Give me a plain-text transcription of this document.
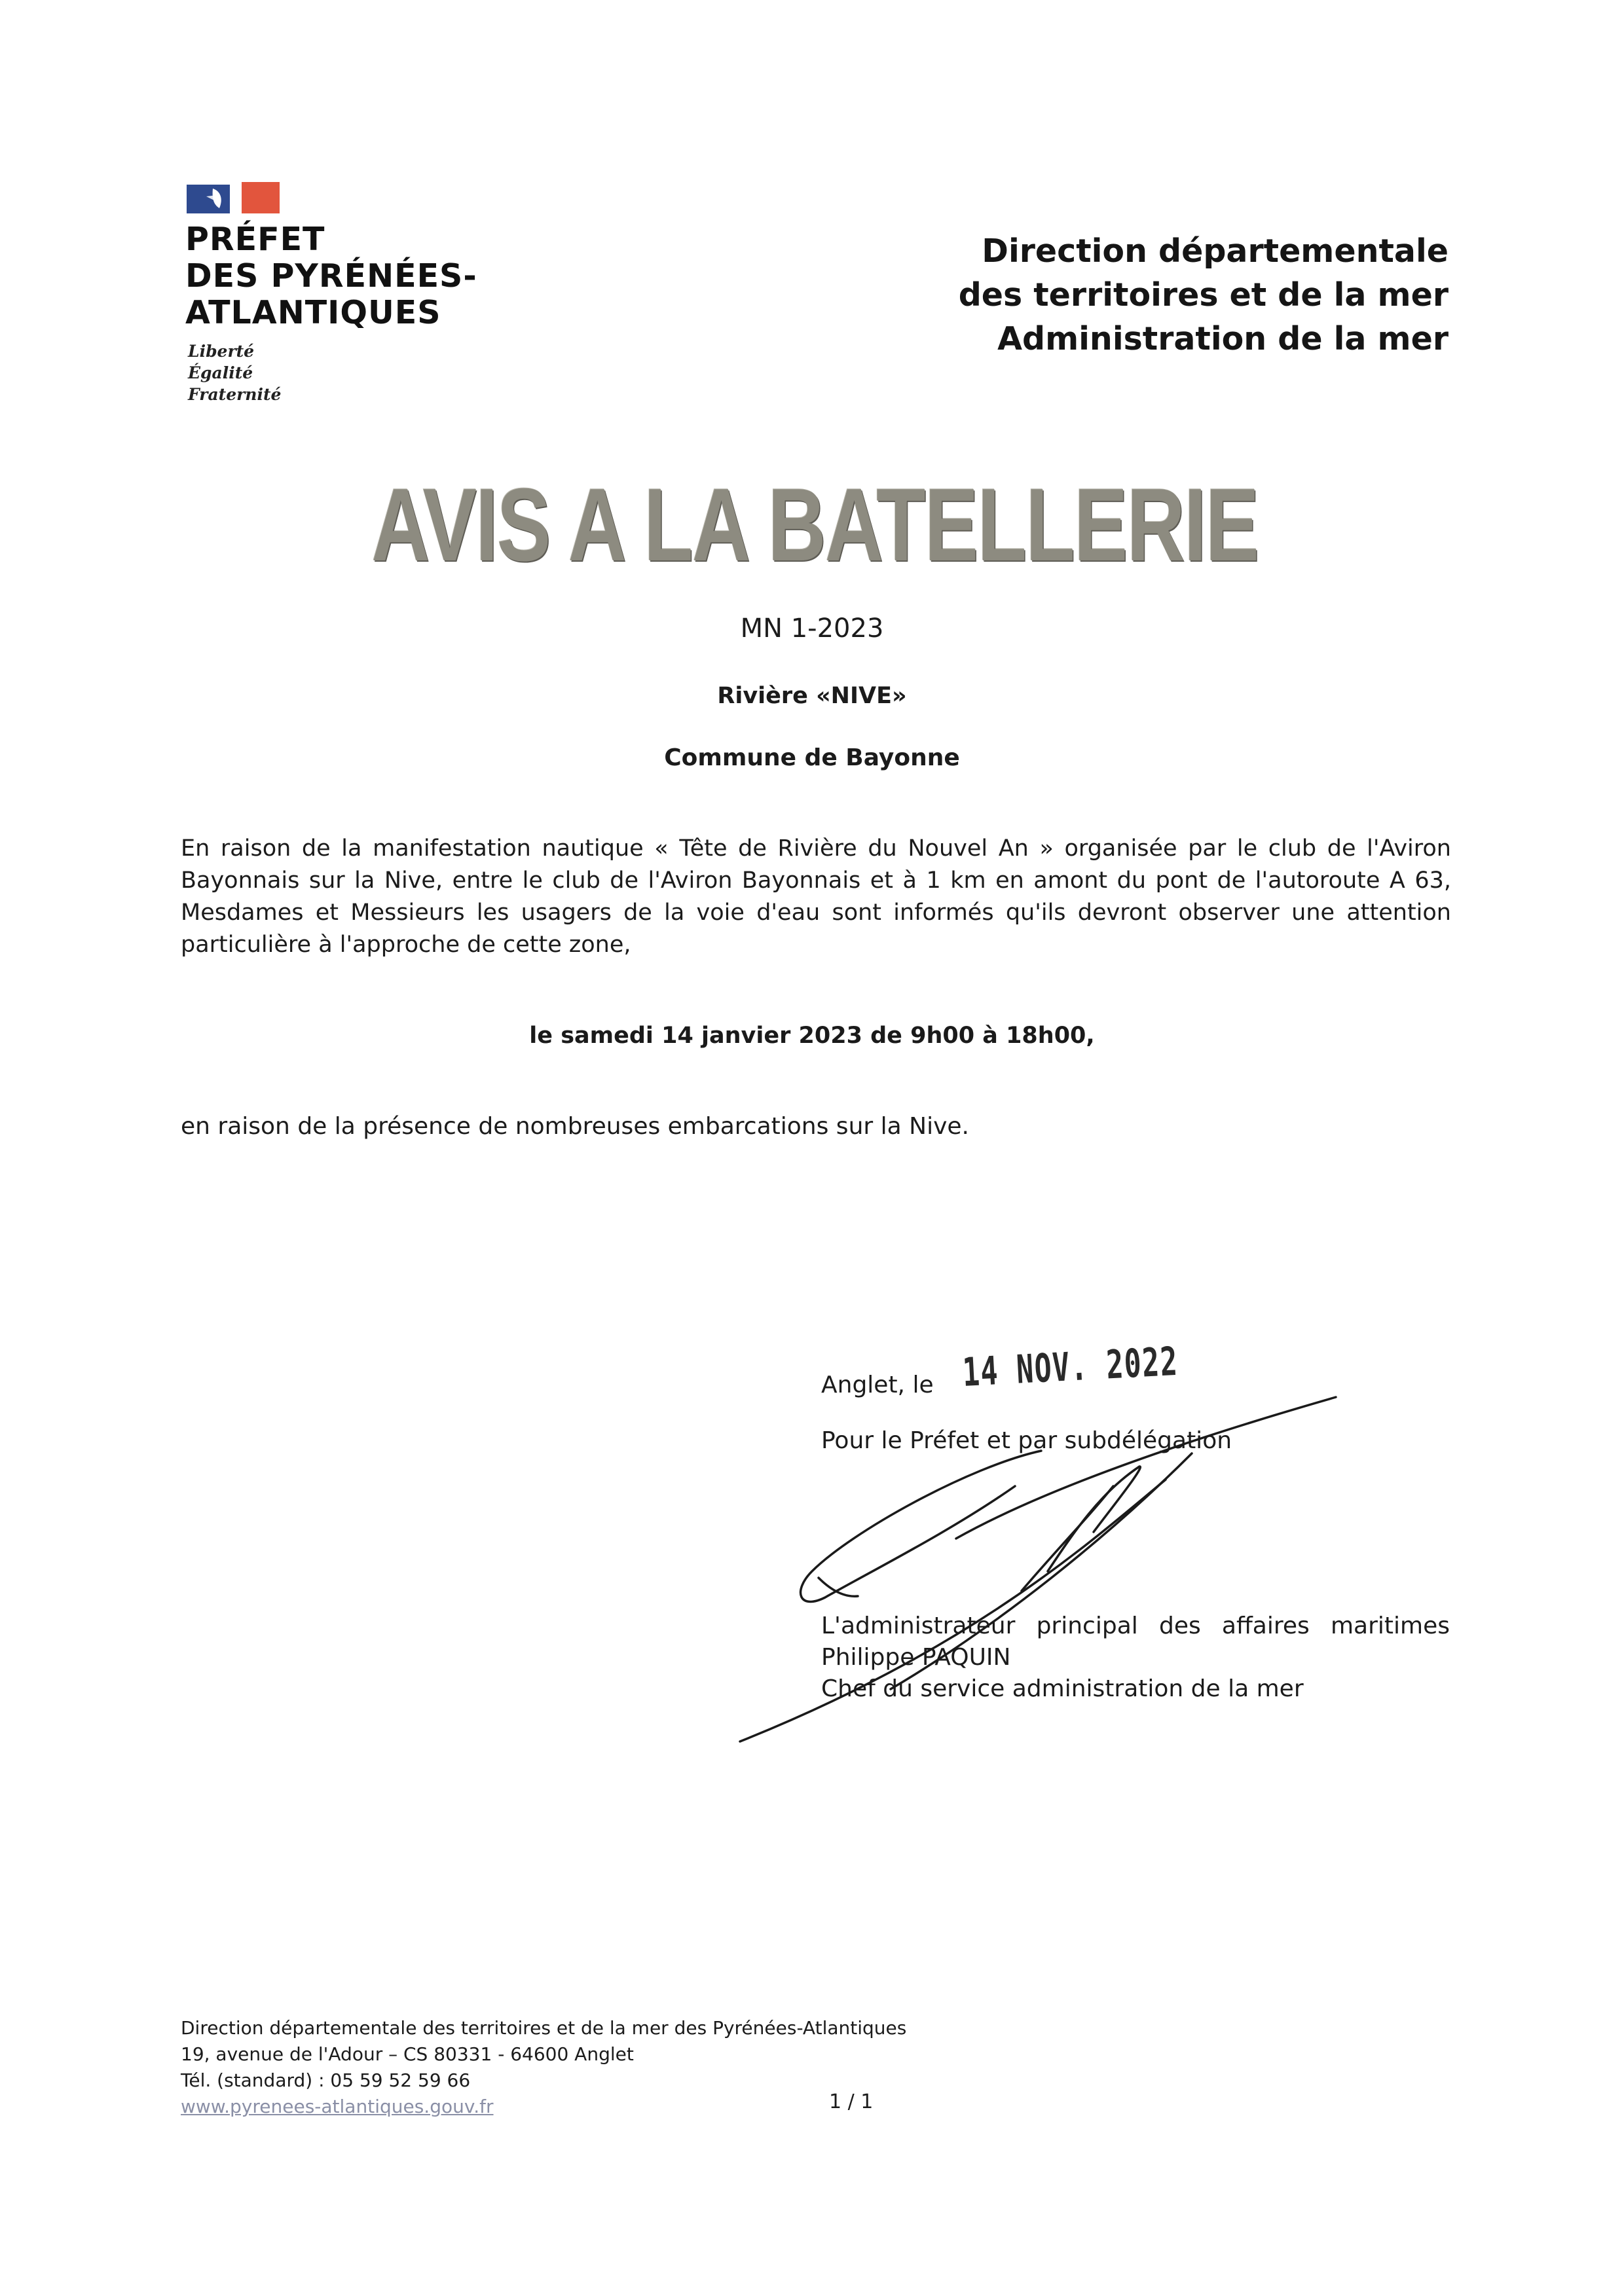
PRÉFET
DES PYRÉNÉES-
ATLANTIQUES
Liberté
Égalité
Fraternité
Direction départementale
des territoires et de la mer
Administration de la mer
AVIS A LA BATELLERIE
MN 1-2023
Rivière «NIVE»
Commune de Bayonne
En raison de la manifestation nautique « Tête de Rivière du Nouvel An » organisée par le club de l'Aviron Bayonnais sur la Nive, entre le club de l'Aviron Bayonnais et à 1 km en amont du pont de l'autoroute A 63, Mesdames et Messieurs les usagers de la voie d'eau sont informés qu'ils devront observer une attention particulière à l'approche de cette zone,
le samedi 14 janvier 2023 de 9h00 à 18h00,
en raison de la présence de nombreuses embarcations sur la Nive.
Anglet, le 14 NOV. 2022
Pour le Préfet et par subdélégation
L'administrateur principal des affaires maritimes
Philippe PAQUIN
Chef du service administration de la mer
Direction départementale des territoires et de la mer des Pyrénées-Atlantiques
19, avenue de l'Adour – CS 80331 - 64600 Anglet
Tél. (standard) : 05 59 52 59 66
www.pyrenees-atlantiques.gouv.fr	1 / 1
